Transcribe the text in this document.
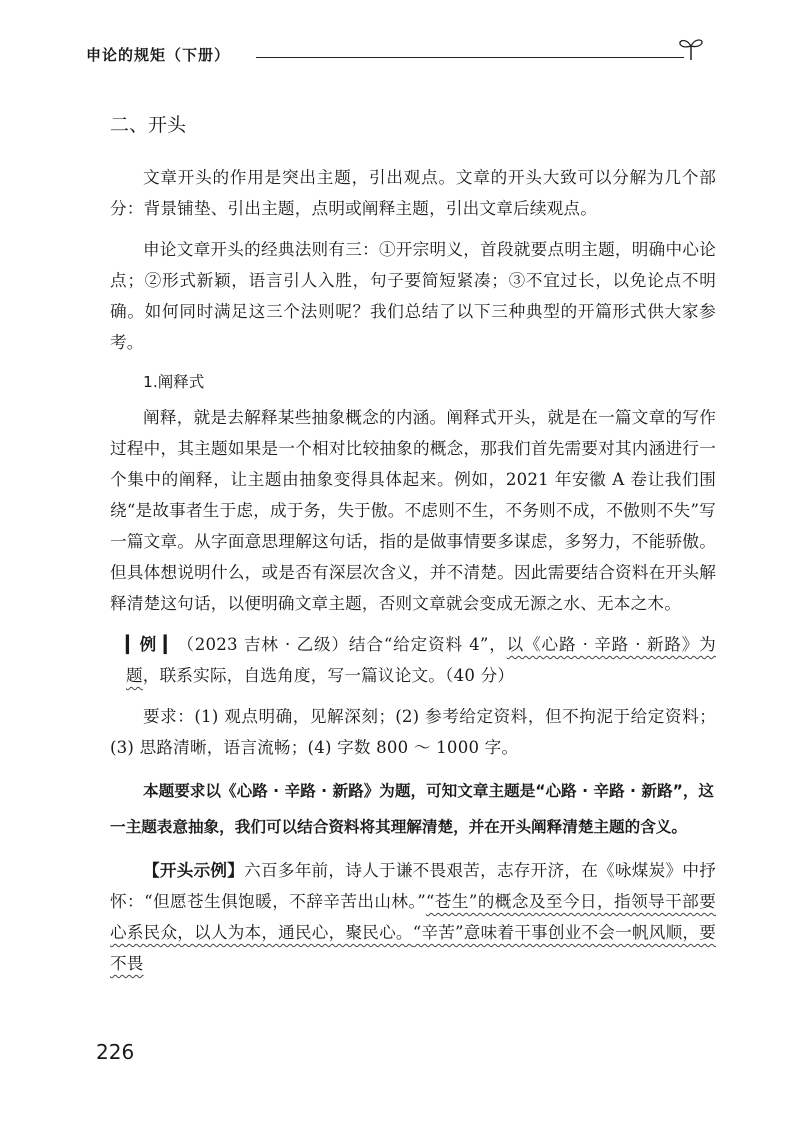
申论的规矩（下册）

二、开头

文章开头的作用是突出主题，引出观点。文章的开头大致可以分解为几个部分：背景铺垫、引出主题，点明或阐释主题，引出文章后续观点。

申论文章开头的经典法则有三：①开宗明义，首段就要点明主题，明确中心论点；②形式新颖，语言引人入胜，句子要简短紧凑；③不宜过长，以免论点不明确。如何同时满足这三个法则呢？我们总结了以下三种典型的开篇形式供大家参考。

1.阐释式

阐释，就是去解释某些抽象概念的内涵。阐释式开头，就是在一篇文章的写作过程中，其主题如果是一个相对比较抽象的概念，那我们首先需要对其内涵进行一个集中的阐释，让主题由抽象变得具体起来。例如，2021 年安徽 A 卷让我们围绕“是故事者生于虑，成于务，失于傲。不虑则不生，不务则不成，不傲则不失”写一篇文章。从字面意思理解这句话，指的是做事情要多谋虑，多努力，不能骄傲。但具体想说明什么，或是否有深层次含义，并不清楚。因此需要结合资料在开头解释清楚这句话，以便明确文章主题，否则文章就会变成无源之水、无本之木。

▎例 ▎（2023 吉林 · 乙级）结合“给定资料 4”，以《心路 · 辛路 · 新路》为题，联系实际，自选角度，写一篇议论文。（40 分）

要求：(1) 观点明确，见解深刻；(2) 参考给定资料，但不拘泥于给定资料；(3) 思路清晰，语言流畅；(4) 字数 800 ～ 1000 字。

本题要求以《心路 · 辛路 · 新路》为题，可知文章主题是“心路 · 辛路 · 新路”，这一主题表意抽象，我们可以结合资料将其理解清楚，并在开头阐释清楚主题的含义。

【开头示例】六百多年前，诗人于谦不畏艰苦，志存开济，在《咏煤炭》中抒怀：“但愿苍生俱饱暖，不辞辛苦出山林。”“苍生”的概念及至今日，指领导干部要心系民众，以人为本，通民心，聚民心。“辛苦”意味着干事创业不会一帆风顺，要不畏

226
